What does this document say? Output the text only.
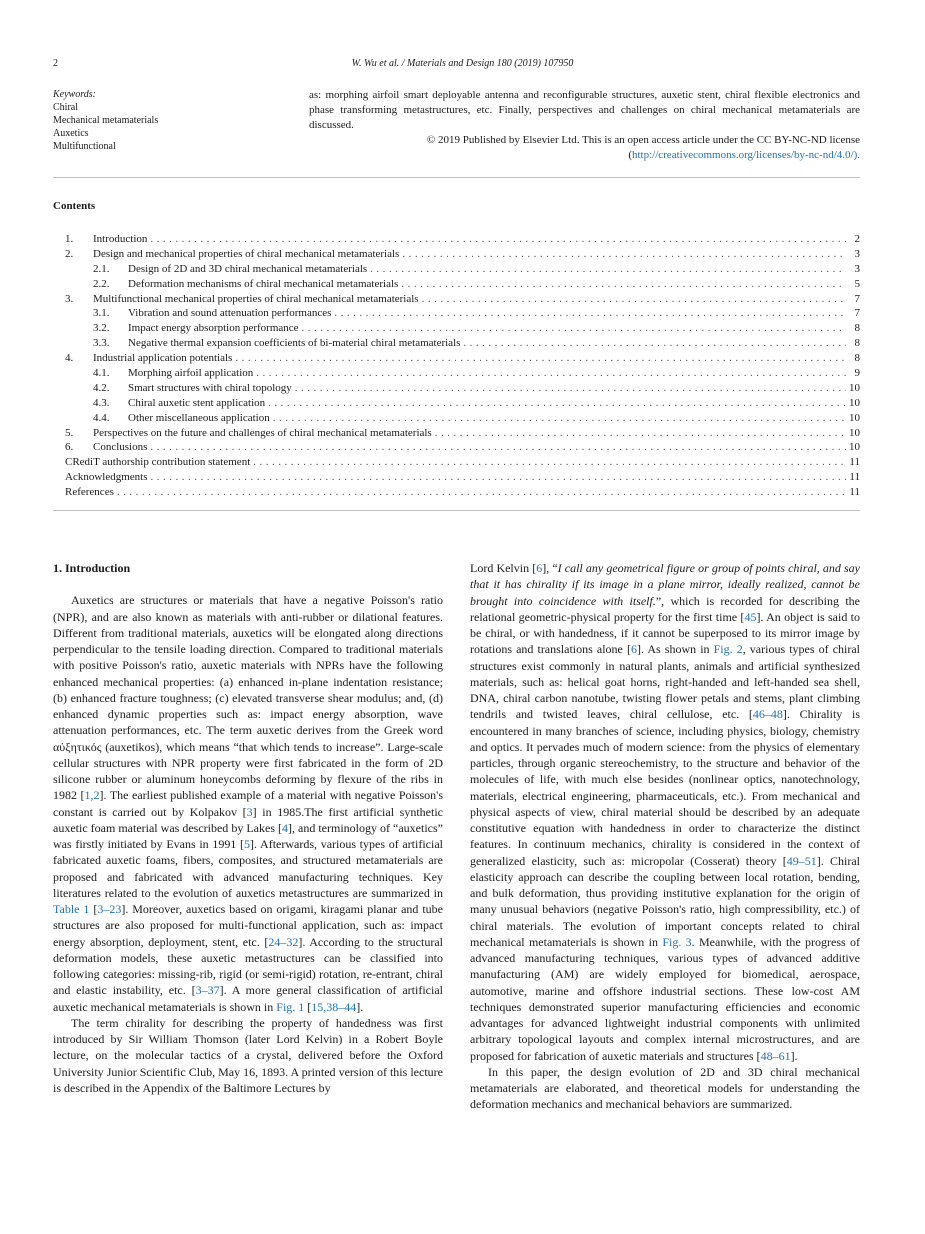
2	W. Wu et al. / Materials and Design 180 (2019) 107950
Keywords:
Chiral
Mechanical metamaterials
Auxetics
Multifunctional
as: morphing airfoil smart deployable antenna and reconfigurable structures, auxetic stent, chiral flexible electronics and phase transforming metastructures, etc. Finally, perspectives and challenges on chiral mechanical metamaterials are discussed.
© 2019 Published by Elsevier Ltd. This is an open access article under the CC BY-NC-ND license (http://creativecommons.org/licenses/by-nc-nd/4.0/).
Contents
1.	Introduction .....	2
2.	Design and mechanical properties of chiral mechanical metamaterials .....	3
2.1.	Design of 2D and 3D chiral mechanical metamaterials .....	3
2.2.	Deformation mechanisms of chiral mechanical metamaterials .....	5
3.	Multifunctional mechanical properties of chiral mechanical metamaterials .....	7
3.1.	Vibration and sound attenuation performances .....	7
3.2.	Impact energy absorption performance .....	8
3.3.	Negative thermal expansion coefficients of bi-material chiral metamaterials .....	8
4.	Industrial application potentials .....	8
4.1.	Morphing airfoil application .....	9
4.2.	Smart structures with chiral topology .....	10
4.3.	Chiral auxetic stent application .....	10
4.4.	Other miscellaneous application .....	10
5.	Perspectives on the future and challenges of chiral mechanical metamaterials .....	10
6.	Conclusions .....	10
CRediT authorship contribution statement .....	11
Acknowledgments .....	11
References .....	11
1. Introduction

Auxetics are structures or materials that have a negative Poisson's ratio (NPR), and are also known as materials with anti-rubber or dilational features. Different from traditional materials, auxetics will be elongated along directions perpendicular to the tensile loading direction. Compared to traditional materials with positive Poisson's ratio, auxetic materials with NPRs have the following enhanced mechanical properties: (a) enhanced in-plane indentation resistance; (b) enhanced fracture toughness; (c) elevated transverse shear modulus; and, (d) enhanced dynamic properties such as: impact energy absorption, wave attenuation performances, etc. The term auxetic derives from the Greek word αὐξητικός (auxetikos), which means “that which tends to increase”. Large-scale cellular structures with NPR property were first fabricated in the form of 2D silicone rubber or aluminum honeycombs deforming by flexure of the ribs in 1982 [1,2]. The earliest published example of a material with negative Poisson's constant is carried out by Kolpakov [3] in 1985.The first artificial synthetic auxetic foam material was described by Lakes [4], and terminology of “auxetics” was firstly initiated by Evans in 1991 [5]. Afterwards, various types of artificial fabricated auxetic foams, fibers, composites, and structured metamaterials are proposed and fabricated with advanced manufacturing techniques. Key literatures related to the evolution of auxetics metastructures are summarized in Table 1 [3–23]. Moreover, auxetics based on origami, kiragami planar and tube structures are also proposed for multi-functional application, such as: impact energy absorption, deployment, stent, etc. [24–32]. According to the structural deformation models, these auxetic metastructures can be classified into following categories: missing-rib, rigid (or semi-rigid) rotation, re-entrant, chiral and elastic instability, etc. [3–37]. A more general classification of artificial auxetic mechanical metamaterials is shown in Fig. 1 [15,38–44].

The term chirality for describing the property of handedness was first introduced by Sir William Thomson (later Lord Kelvin) in a Robert Boyle lecture, on the molecular tactics of a crystal, delivered before the Oxford University Junior Scientific Club, May 16, 1893. A printed version of this lecture is described in the Appendix of the Baltimore Lectures by

Lord Kelvin [6], “I call any geometrical figure or group of points chiral, and say that it has chirality if its image in a plane mirror, ideally realized, cannot be brought into coincidence with itself.”, which is recorded for describing the relational geometric-physical property for the first time [45]. An object is said to be chiral, or with handedness, if it cannot be superposed to its mirror image by rotations and translations alone [6]. As shown in Fig. 2, various types of chiral structures exist commonly in natural plants, animals and artificial synthesized materials, such as: helical goat horns, right-handed and left-handed sea shell, DNA, chiral carbon nanotube, twisting flower petals and stems, plant climbing tendrils and twisted leaves, chiral cellulose, etc. [46–48]. Chirality is encountered in many branches of science, including physics, biology, chemistry and optics. It pervades much of modern science: from the physics of elementary particles, through organic stereochemistry, to the structure and behavior of the molecules of life, with much else besides (nonlinear optics, nanotechnology, materials, electrical engineering, pharmaceuticals, etc.). From mechanical and physical aspects of view, chiral material should be described by an adequate constitutive equation with handedness in order to characterize the distinct features. In continuum mechanics, chirality is considered in the context of generalized elasticity, such as: micropolar (Cosserat) theory [49–51]. Chiral elasticity approach can describe the coupling between local rotation, bending, and bulk deformation, thus providing institutive explanation for the origin of many unusual behaviors (negative Poisson's ratio, high compressibility, etc.) of chiral materials. The evolution of important concepts related to chiral mechanical metamaterials is shown in Fig. 3. Meanwhile, with the progress of advanced manufacturing techniques, various types of advanced additive manufacturing (AM) are widely employed for biomedical, aerospace, automotive, marine and offshore industrial sections. These low-cost AM techniques demonstrated superior manufacturing efficiencies and economic advantages for advanced lightweight industrial components with unlimited arbitrary topological layouts and complex internal microstructures, and are proposed for fabrication of auxetic materials and structures [48–61].

In this paper, the design evolution of 2D and 3D chiral mechanical metamaterials are elaborated, and theoretical models for understanding the deformation mechanics and mechanical behaviors are summarized.
